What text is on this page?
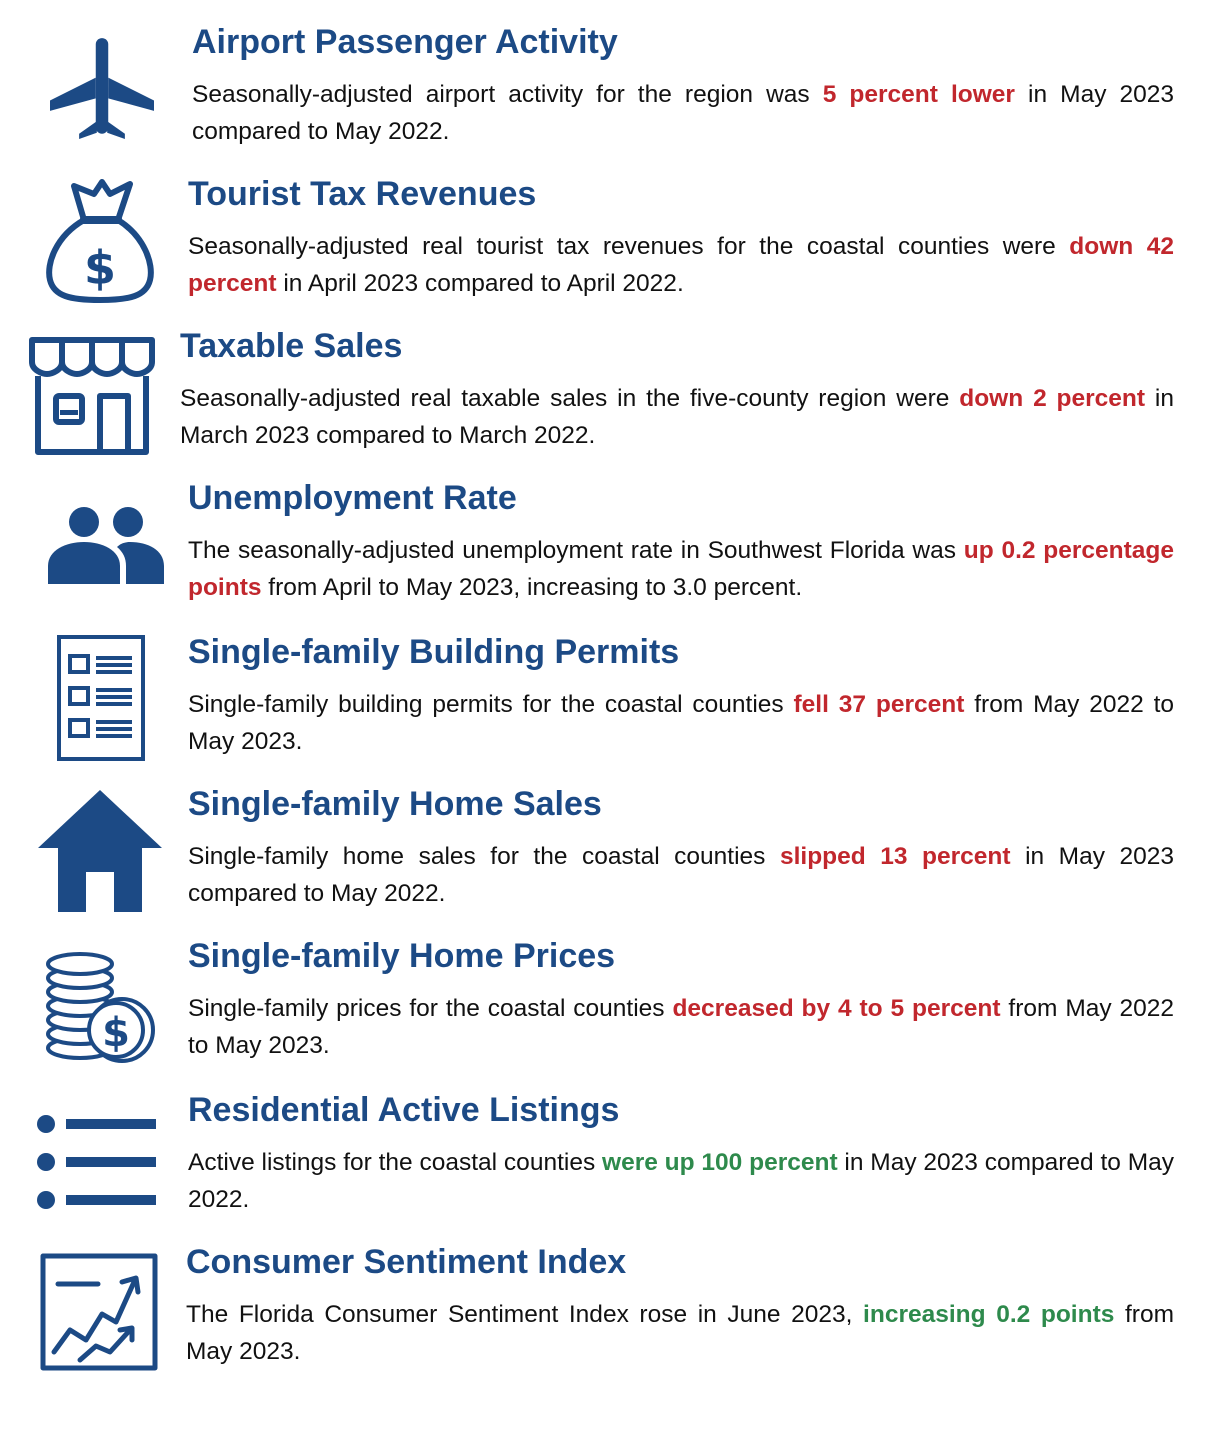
Airport Passenger Activity

Seasonally-adjusted airport activity for the region was 5 percent lower in May 2023 compared to May 2022.

$
Tourist Tax Revenues

Seasonally-adjusted real tourist tax revenues for the coastal counties were down 42 percent in April 2023 compared to April 2022.

Taxable Sales

Seasonally-adjusted real taxable sales in the five-county region were down 2 percent in March 2023 compared to March 2022.

Unemployment Rate

The seasonally-adjusted unemployment rate in Southwest Florida was up 0.2 percentage points from April to May 2023, increasing to 3.0 percent.

Single-family Building Permits

Single-family building permits for the coastal counties fell 37 percent from May 2022 to May 2023.

Single-family Home Sales

Single-family home sales for the coastal counties slipped 13 percent in May 2023 compared to May 2022.

$
Single-family Home Prices

Single-family prices for the coastal counties decreased by 4 to 5 percent from May 2022 to May 2023.

Residential Active Listings

Active listings for the coastal counties were up 100 percent in May 2023 compared to May 2022.

Consumer Sentiment Index

The Florida Consumer Sentiment Index rose in June 2023, increasing 0.2 points from May 2023.
